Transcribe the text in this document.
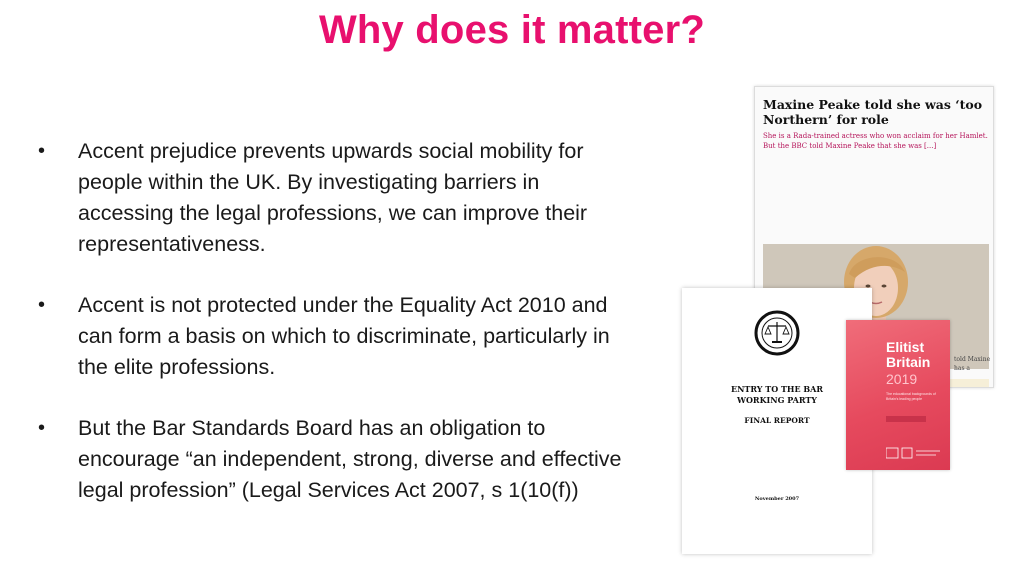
Why does it matter?
• Accent prejudice prevents upwards social mobility for people within the UK. By investigating barriers in accessing the legal professions, we can improve their representativeness.
• Accent is not protected under the Equality Act 2010 and can form a basis on which to discriminate, particularly in the elite professions.
• But the Bar Standards Board has an obligation to encourage “an independent, strong, diverse and effective legal profession” (Legal Services Act 2007, s 1(10(f))
Maxine Peake told she was ‘too Northern’ for role
She is a Rada-trained actress who won acclaim for her Hamlet. But the BBC told Maxine Peake that she was [...]
told Maxine
has a
ENTRY TO THE BAR WORKING PARTY
FINAL REPORT
November 2007
Elitist Britain
2019
The educational backgrounds of Britain's leading people
